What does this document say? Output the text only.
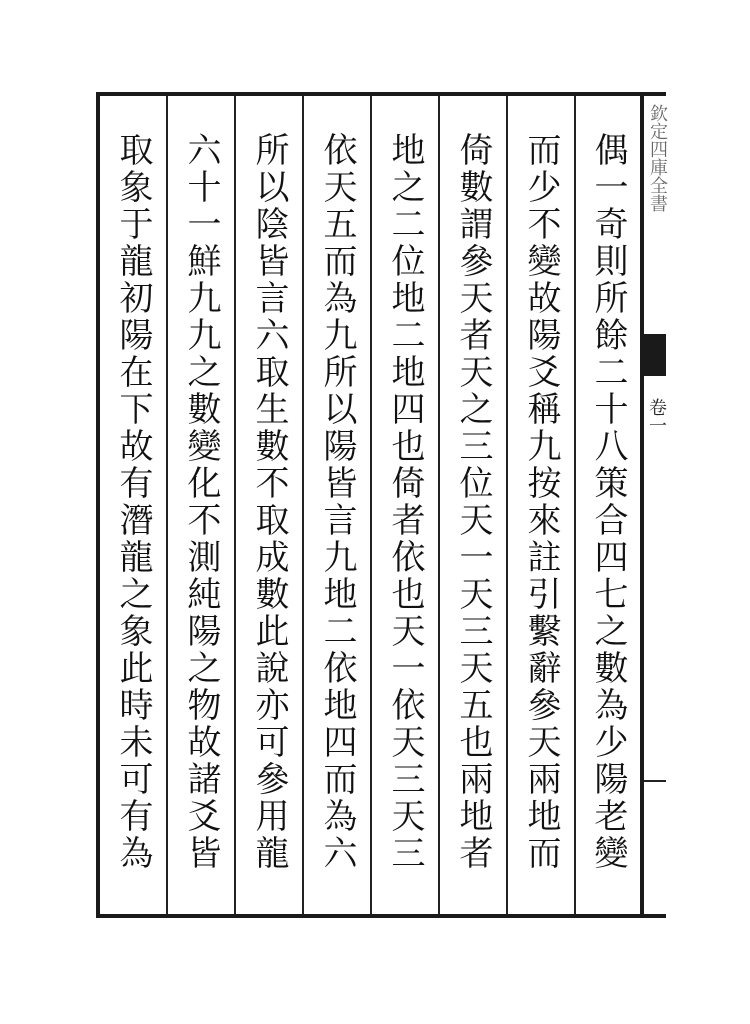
取象于龍初陽在下故有潛龍之象此時未可有為 六十一鮮九九之數變化不測純陽之物故諸爻皆 所以陰皆言六取生數不取成數此說亦可參用龍 依天五而為九所以陽皆言九地二依地四而為六 地之二位地二地四也倚者依也天一依天三天三 倚數謂參天者天之三位天一天三天五也兩地者 而少不變故陽爻稱九按來註引繫辭參天兩地而 偶一奇則所餘二十八策合四七之數為少陽老變 欽定四庫全書
卷一
